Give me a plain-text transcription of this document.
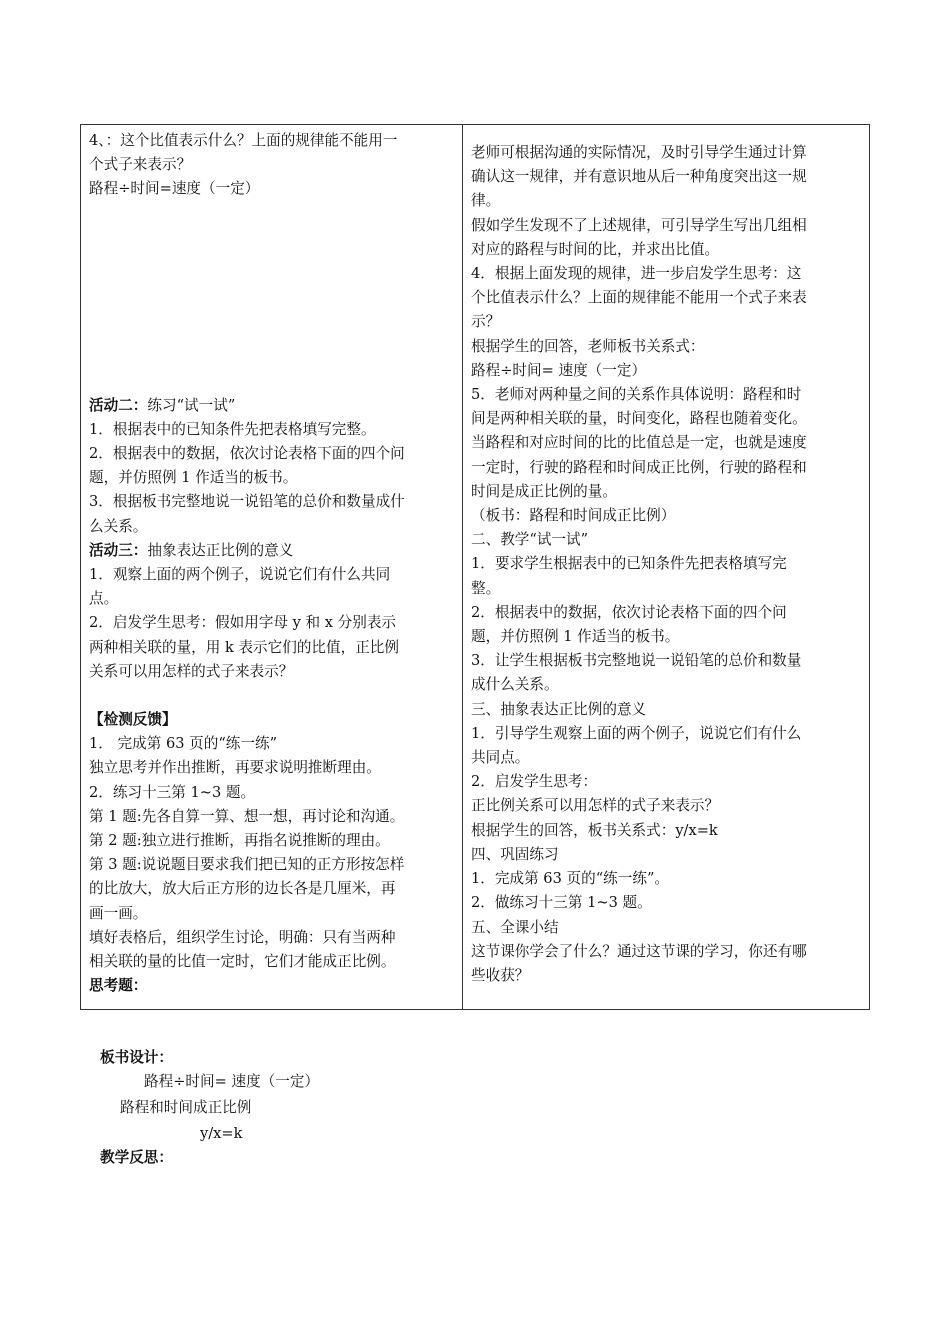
4、：这个比值表示什么？上面的规律能不能用一
个式子来表示？
路程÷时间=速度（一定）
活动二：练习“试一试”
1．根据表中的已知条件先把表格填写完整。
2．根据表中的数据，依次讨论表格下面的四个问
题，并仿照例 1 作适当的板书。
3．根据板书完整地说一说铅笔的总价和数量成什
么关系。
活动三：抽象表达正比例的意义
1．观察上面的两个例子，说说它们有什么共同
点。
2．启发学生思考：假如用字母 y 和 x 分别表示
两种相关联的量，用 k 表示它们的比值，正比例
关系可以用怎样的式子来表示？
【检测反馈】
1． 完成第 63 页的“练一练”
独立思考并作出推断，再要求说明推断理由。
2．练习十三第 1~3 题。
第 1 题:先各自算一算、想一想，再讨论和沟通。
第 2 题:独立进行推断，再指名说推断的理由。
第 3 题:说说题目要求我们把已知的正方形按怎样
的比放大，放大后正方形的边长各是几厘米，再
画一画。
填好表格后，组织学生讨论，明确：只有当两种
相关联的量的比值一定时，它们才能成正比例。
思考题：
老师可根据沟通的实际情况，及时引导学生通过计算
确认这一规律，并有意识地从后一种角度突出这一规
律。
假如学生发现不了上述规律，可引导学生写出几组相
对应的路程与时间的比，并求出比值。
4．根据上面发现的规律，进一步启发学生思考：这
个比值表示什么？上面的规律能不能用一个式子来表
示？
根据学生的回答，老师板书关系式：
路程÷时间= 速度（一定）
5．老师对两种量之间的关系作具体说明：路程和时
间是两种相关联的量，时间变化，路程也随着变化。
当路程和对应时间的比的比值总是一定，也就是速度
一定时，行驶的路程和时间成正比例，行驶的路程和
时间是成正比例的量。
（板书：路程和时间成正比例）
二、教学“试一试”
1．要求学生根据表中的已知条件先把表格填写完
整。
2．根据表中的数据，依次讨论表格下面的四个问
题，并仿照例 1 作适当的板书。
3．让学生根据板书完整地说一说铅笔的总价和数量
成什么关系。
三、抽象表达正比例的意义
1．引导学生观察上面的两个例子，说说它们有什么
共同点。
2．启发学生思考：
正比例关系可以用怎样的式子来表示？
根据学生的回答，板书关系式：y/x=k
四、巩固练习
1．完成第 63 页的“练一练”。
2．做练习十三第 1~3 题。
五、全课小结
这节课你学会了什么？通过这节课的学习，你还有哪
些收获？
板书设计：
路程÷时间= 速度（一定）
路程和时间成正比例
y/x=k
教学反思：
